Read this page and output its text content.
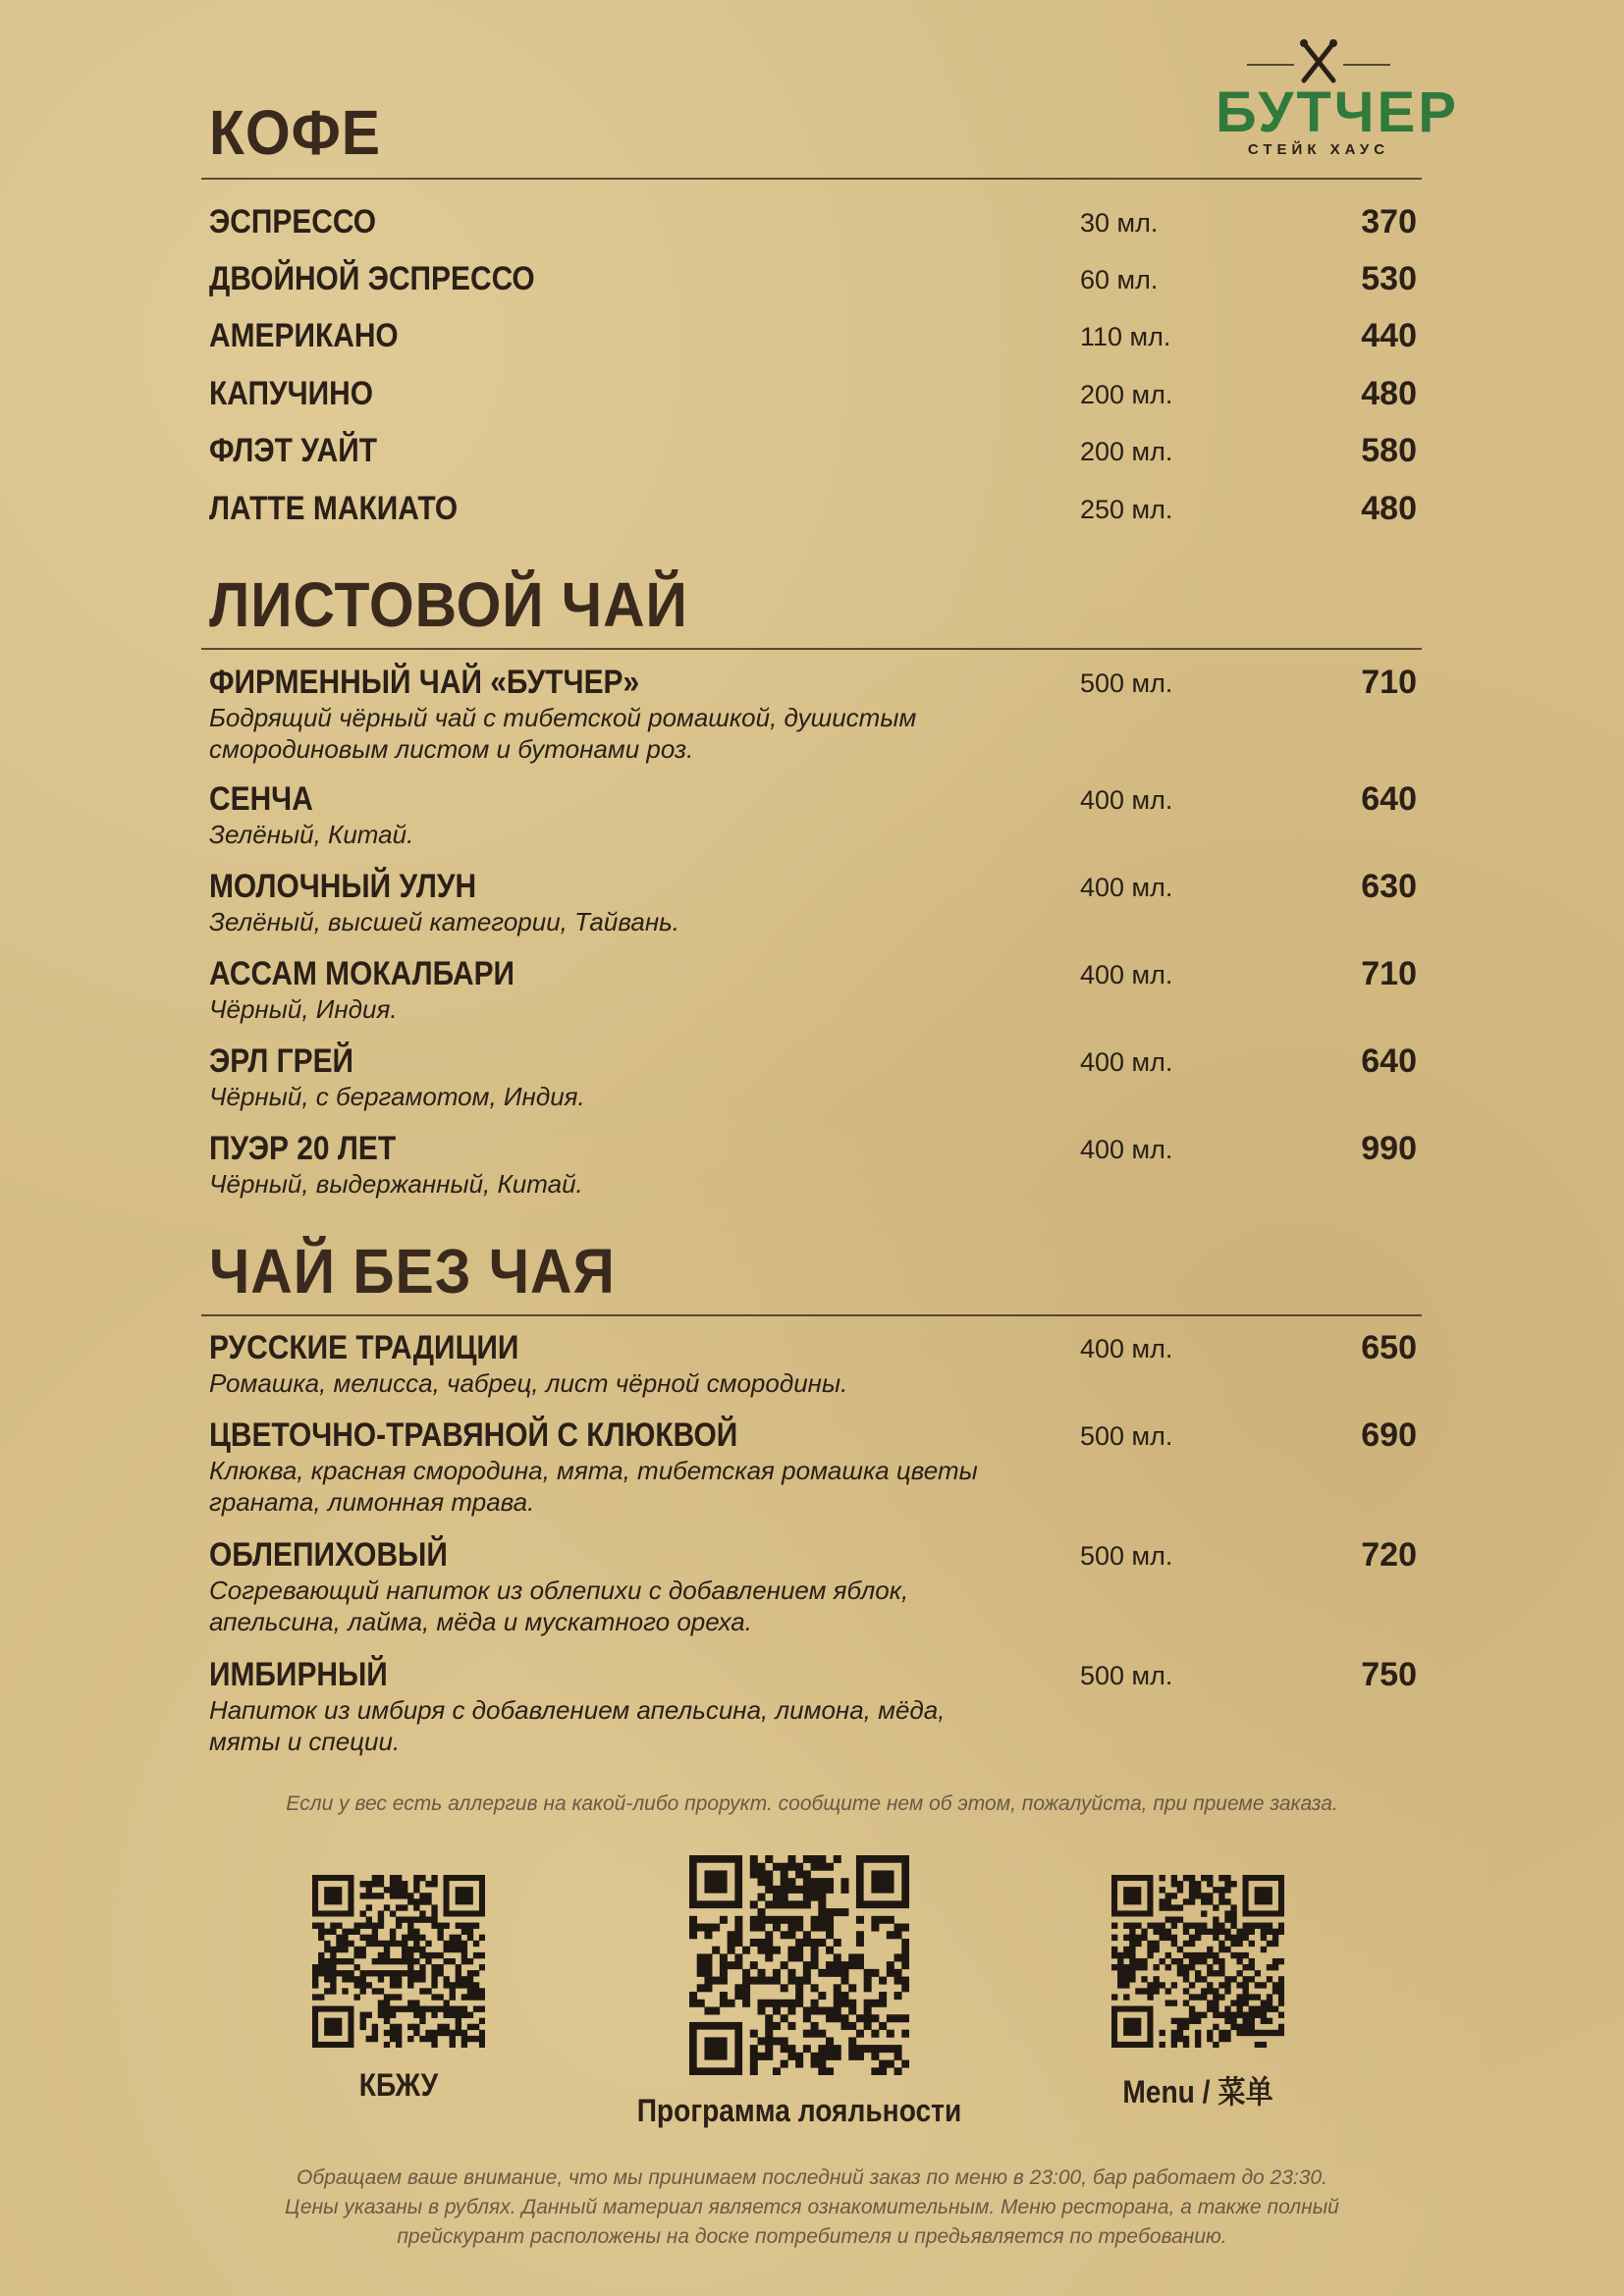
БУТЧЕР
СТЕЙК ХАУС
КОФЕ
ЭСПРЕССО	30 мл.	370
ДВОЙНОЙ ЭСПРЕССО	60 мл.	530
АМЕРИКАНО	110 мл.	440
КАПУЧИНО	200 мл.	480
ФЛЭТ УАЙТ	200 мл.	580
ЛАТТЕ МАКИАТО	250 мл.	480
ЛИСТОВОЙ ЧАЙ
ФИРМЕННЫЙ ЧАЙ «БУТЧЕР»	500 мл.	710
Бодрящий чёрный чай с тибетской ромашкой, душистым смородиновым листом и бутонами роз.
СЕНЧА	400 мл.	640
Зелёный, Китай.
МОЛОЧНЫЙ УЛУН	400 мл.	630
Зелёный, высшей категории, Тайвань.
АССАМ МОКАЛБАРИ	400 мл.	710
Чёрный, Индия.
ЭРЛ ГРЕЙ	400 мл.	640
Чёрный, с бергамотом, Индия.
ПУЭР 20 ЛЕТ	400 мл.	990
Чёрный, выдержанный, Китай.
ЧАЙ БЕЗ ЧАЯ
РУССКИЕ ТРАДИЦИИ	400 мл.	650
Ромашка, мелисса, чабрец, лист чёрной смородины.
ЦВЕТОЧНО-ТРАВЯНОЙ С КЛЮКВОЙ	500 мл.	690
Клюква, красная смородина, мята, тибетская ромашка цветы граната, лимонная трава.
ОБЛЕПИХОВЫЙ	500 мл.	720
Согревающий напиток из облепихи с добавлением яблок, апельсина, лайма, мёда и мускатного ореха.
ИМБИРНЫЙ	500 мл.	750
Напиток из имбиря с добавлением апельсина, лимона, мёда, мяты и специи.
Если у вес есть аллергив на какой-либо прорукт. сообщите нем об этом, пожалуйста, при приеме заказа.
КБЖУ
Программа лояльности
Menu / 菜单
Обращаем ваше внимание, что мы принимаем последний заказ по меню в 23:00, бар работает до 23:30.
Цены указаны в рублях. Данный материал является ознакомительным. Меню ресторана, а также полный
прейскурант расположены на доске потребителя и предьявляется по требованию.
